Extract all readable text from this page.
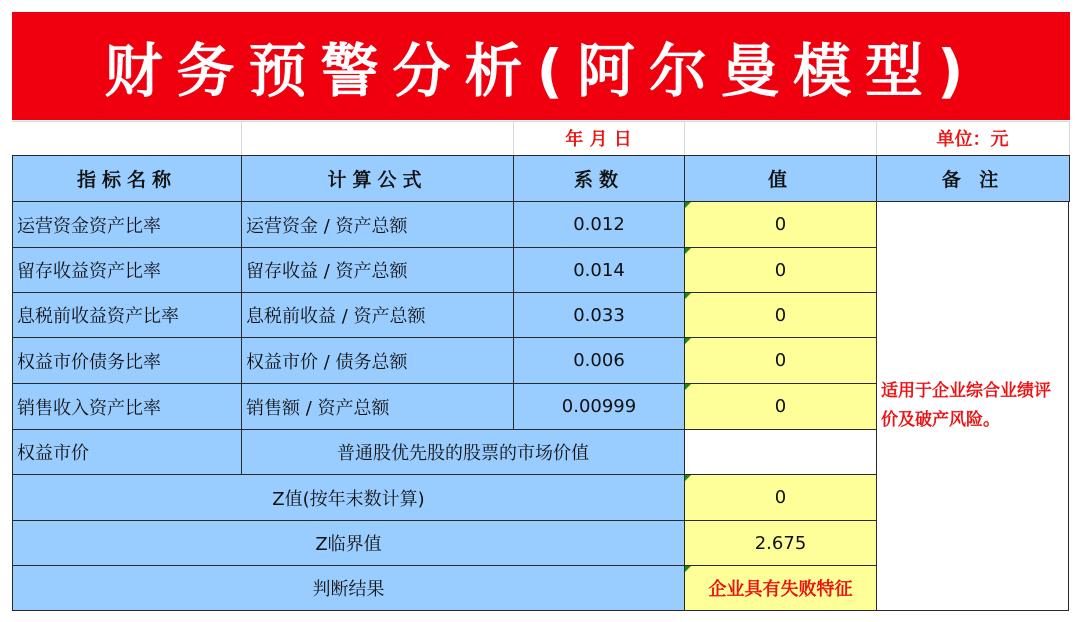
财务预警分析(阿尔曼模型)
年 月 日	单位：元
指标名称	计算公式	系数	值	备 注
运营资金资产比率	运营资金 / 资产总额	0.012	0
留存收益资产比率	留存收益 / 资产总额	0.014	0
息税前收益资产比率	息税前收益 / 资产总额	0.033	0
权益市价债务比率	权益市价 / 债务总额	0.006	0
销售收入资产比率	销售额 / 资产总额	0.00999	0
权益市价	普通股优先股的股票的市场价值
Z值(按年末数计算)	0
Z临界值	2.675
判断结果	企业具有失败特征
适用于企业综合业绩评价及破产风险。
